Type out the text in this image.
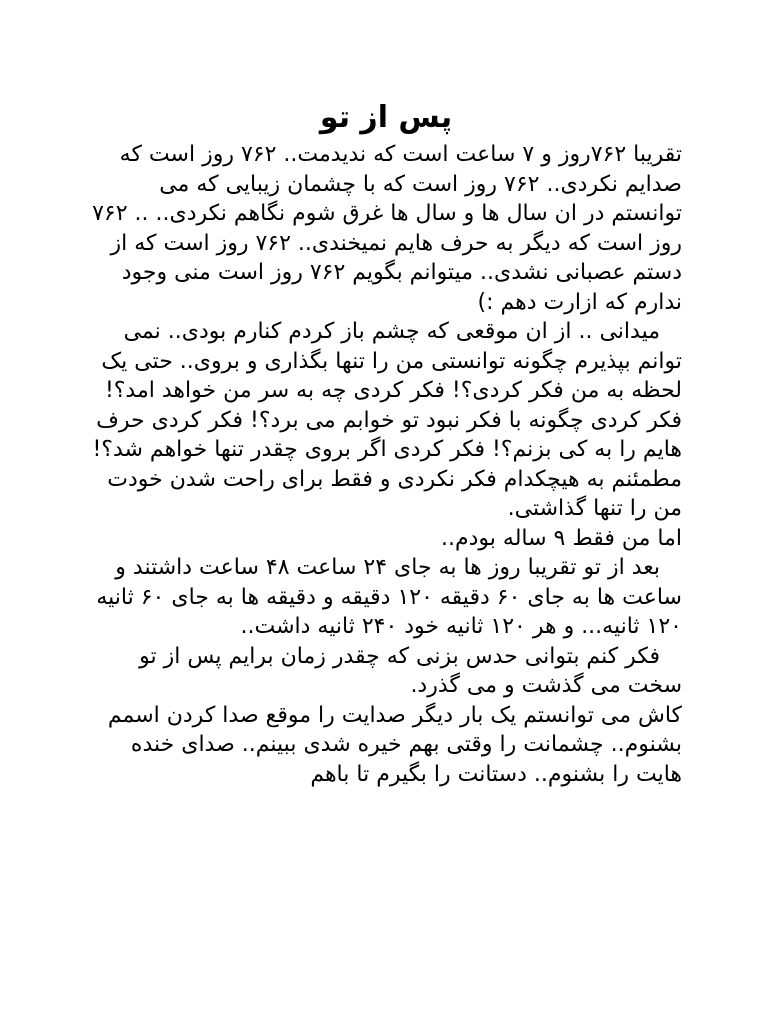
پس از تو

تقریبا ۷۶۲روز و ۷ ساعت است که ندیدمت.. ۷۶۲ روز است که صدایم نکردی.. ۷۶۲ روز است که با چشمان زیبایی که می توانستم در ان سال ها و سال ها غرق شوم نگاهم نکردی.. .. ۷۶۲ روز است که دیگر به حرف هایم نمیخندی.. ۷۶۲ روز است که از دستم عصبانی نشدی.. میتوانم بگویم ۷۶۲ روز است منی وجود ندارم که ازارت دهم :)

میدانی .. از ان موقعی که چشم باز کردم کنارم بودی.. نمی توانم بپذیرم چگونه توانستی من را تنها بگذاری و بروی.. حتی یک لحظه به من فکر کردی؟! فکر کردی چه به سر من خواهد امد؟! فکر کردی چگونه با فکر نبود تو خوابم می برد؟! فکر کردی حرف هایم را به کی بزنم؟! فکر کردی اگر بروی چقدر تنها خواهم شد؟! مطمئنم به هیچکدام فکر نکردی و فقط برای راحت شدن خودت من را تنها گذاشتی.

اما من فقط ۹ ساله بودم..

بعد از تو تقریبا روز ها به جای ۲۴ ساعت ۴۸ ساعت داشتند و ساعت ها به جای ۶۰ دقیقه ۱۲۰ دقیقه و دقیقه ها به جای ۶۰ ثانیه ۱۲۰ ثانیه... و هر ۱۲۰ ثانیه خود ۲۴۰ ثانیه داشت..

فکر کنم بتوانی حدس بزنی که چقدر زمان برایم پس از تو سخت می گذشت و می گذرد.

کاش می توانستم یک بار دیگر صدایت را موقع صدا کردن اسمم بشنوم.. چشمانت را وقتی بهم خیره شدی ببینم.. صدای خنده هایت را بشنوم.. دستانت را بگیرم تا باهم
